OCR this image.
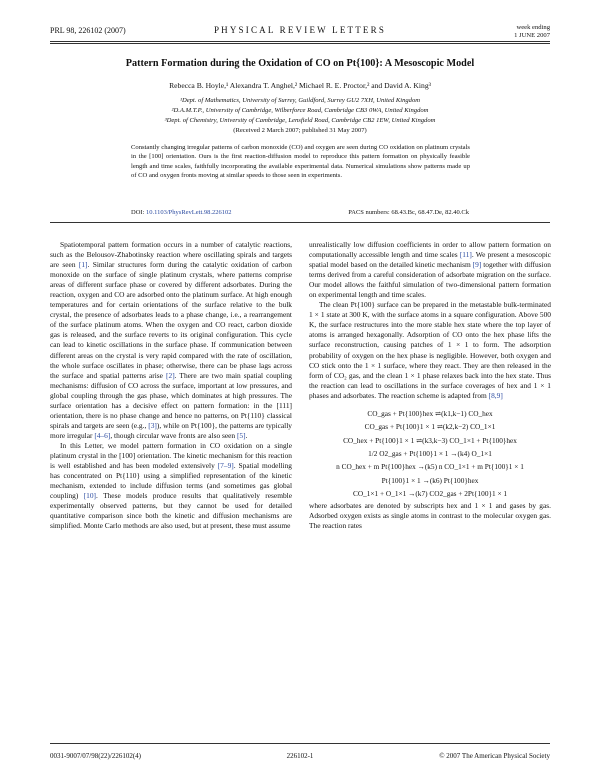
PRL 98, 226102 (2007)	PHYSICAL REVIEW LETTERS	week ending
1 JUNE 2007
Pattern Formation during the Oxidation of CO on Pt{100}: A Mesoscopic Model
Rebecca B. Hoyle,¹ Alexandra T. Anghel,² Michael R. E. Proctor,² and David A. King³
¹Dept. of Mathematics, University of Surrey, Guildford, Surrey GU2 7XH, United Kingdom
²D.A.M.T.P., University of Cambridge, Wilberforce Road, Cambridge CB3 0WA, United Kingdom
³Dept. of Chemistry, University of Cambridge, Lensfield Road, Cambridge CB2 1EW, United Kingdom
(Received 2 March 2007; published 31 May 2007)
Constantly changing irregular patterns of carbon monoxide (CO) and oxygen are seen during CO oxidation on platinum crystals in the [100] orientation. Ours is the first reaction-diffusion model to reproduce this pattern formation on physically feasible length and time scales, faithfully incorporating the available experimental data. Numerical simulations show patterns made up of CO and oxygen fronts moving at similar speeds to those seen in experiments.
DOI: 10.1103/PhysRevLett.98.226102	PACS numbers: 68.43.Bc, 68.47.De, 82.40.Ck

Spatiotemporal pattern formation occurs in a number of catalytic reactions, such as the Belousov-Zhabotinsky reaction where oscillating spirals and targets are seen [1]. Similar structures form during the catalytic oxidation of carbon monoxide on the surface of single platinum crystals, where patterns comprise areas of different surface phase or covered by different adsorbates. During the reaction, oxygen and CO are adsorbed onto the platinum surface. At high enough temperatures and for certain orientations of the surface relative to the bulk crystal, the presence of adsorbates leads to a phase change, i.e., a rearrangement of the surface platinum atoms. When the oxygen and CO react, carbon dioxide gas is released, and the surface reverts to its original configuration. This cycle can lead to kinetic oscillations in the surface phase. If communication between different areas on the crystal is very rapid compared with the rate of oscillation, the whole surface oscillates in phase; otherwise, there can be phase lags across the surface and spatial patterns arise [2]. There are two main spatial coupling mechanisms: diffusion of CO across the surface, important at low pressures, and global coupling through the gas phase, which dominates at high pressures. The surface orientation has a decisive effect on pattern formation: in the [111] orientation, there is no phase change and hence no patterns, on Pt{110} classical spirals and targets are seen (e.g., [3]), while on Pt{100}, the patterns are typically more irregular [4–6], though circular wave fronts are also seen [5].

In this Letter, we model pattern formation in CO oxidation on a single platinum crystal in the [100] orientation. The kinetic mechanism for this reaction is well established and has been modeled extensively [7–9]. Spatial modelling has concentrated on Pt{110} using a simplified representation of the kinetic mechanism, extended to include diffusion terms (and sometimes gas global coupling) [10]. These models produce results that qualitatively resemble experimentally observed patterns, but they cannot be used for detailed quantitative comparison since both the kinetic and diffusion mechanisms are simplified. Monte Carlo methods are also used, but at present, these must assume

unrealistically low diffusion coefficients in order to allow pattern formation on computationally accessible length and time scales [11]. We present a mesoscopic spatial model based on the detailed kinetic mechanism [9] together with diffusion terms derived from a careful consideration of adsorbate migration on the surface. Our model allows the faithful simulation of two-dimensional pattern formation on experimental length and time scales.

The clean Pt{100} surface can be prepared in the metastable bulk-terminated 1 × 1 state at 300 K, with the surface atoms in a square configuration. Above 500 K, the surface restructures into the more stable hex state where the top layer of atoms is arranged hexagonally. Adsorption of CO onto the hex phase lifts the surface reconstruction, causing patches of 1 × 1 to form. The adsorption probability of oxygen on the hex phase is negligible. However, both oxygen and CO stick onto the 1 × 1 surface, where they react. They are then released in the form of CO₂ gas, and the clean 1 × 1 phase relaxes back into the hex state. Thus the reaction can lead to oscillations in the surface coverages of hex and 1 × 1 phases and adsorbates. The reaction scheme is adapted from [8,9]

CO_gas + Pt{100}hex ⇌(k1,k−1) CO_hex
CO_gas + Pt{100}1 × 1 ⇌(k2,k−2) CO_1×1
CO_hex + Pt{100}1 × 1 ⇌(k3,k−3) CO_1×1 + Pt{100}hex
1/2 O2_gas + Pt{100}1 × 1 →(k4) O_1×1
n CO_hex + m Pt{100}hex →(k5) n CO_1×1 + m Pt{100}1 × 1
Pt{100}1 × 1 →(k6) Pt{100}hex
CO_1×1 + O_1×1 →(k7) CO2_gas + 2Pt{100}1 × 1

where adsorbates are denoted by subscripts hex and 1 × 1 and gases by gas. Adsorbed oxygen exists as single atoms in contrast to the molecular oxygen gas. The reaction rates

0031-9007/07/98(22)/226102(4)	226102-1	© 2007 The American Physical Society
